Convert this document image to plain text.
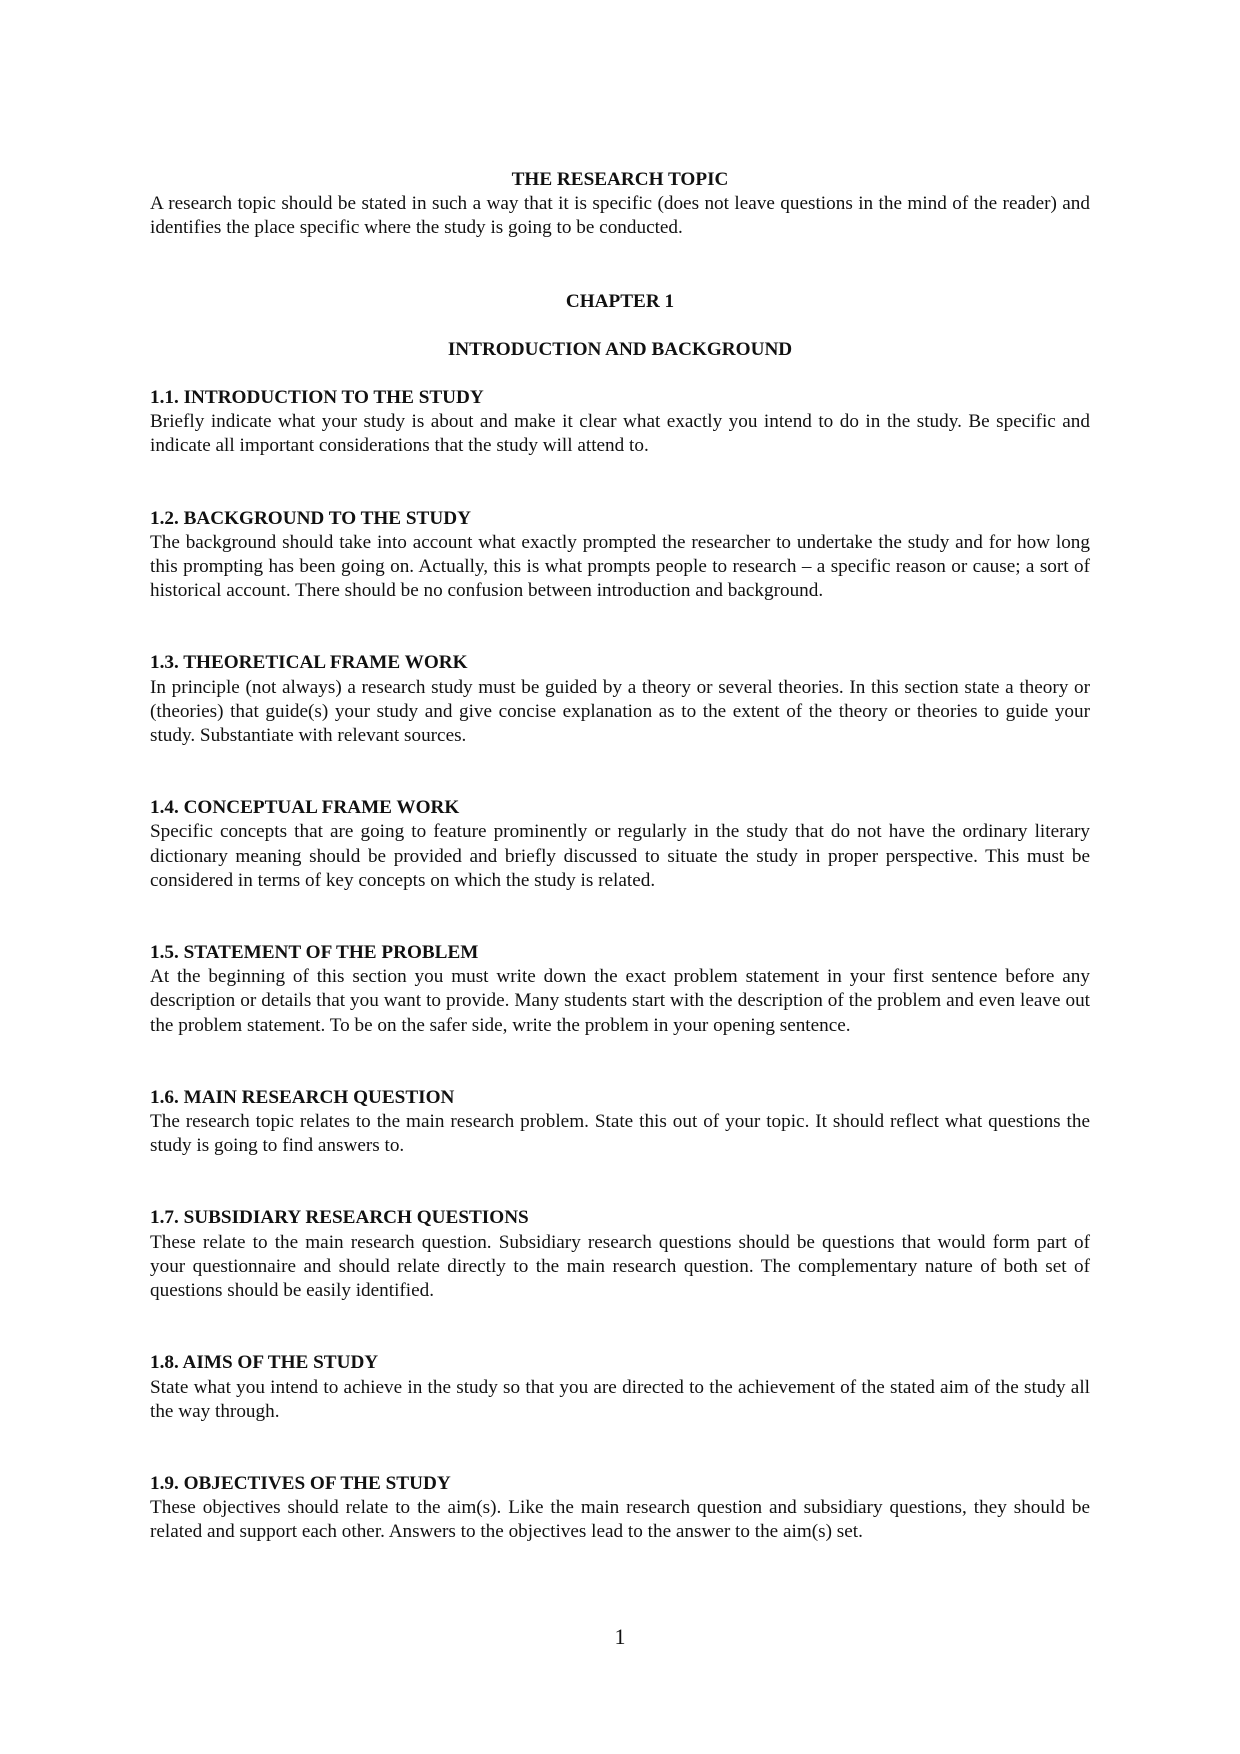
THE RESEARCH TOPIC

A research topic should be stated in such a way that it is specific (does not leave questions in the mind of the reader) and identifies the place specific where the study is going to be conducted.

CHAPTER 1

INTRODUCTION AND BACKGROUND

1.1. INTRODUCTION TO THE STUDY

Briefly indicate what your study is about and make it clear what exactly you intend to do in the study. Be specific and indicate all important considerations that the study will attend to.

1.2. BACKGROUND TO THE STUDY

The background should take into account what exactly prompted the researcher to undertake the study and for how long this prompting has been going on. Actually, this is what prompts people to research – a specific reason or cause; a sort of historical account. There should be no confusion between introduction and background.

1.3. THEORETICAL FRAME WORK

In principle (not always) a research study must be guided by a theory or several theories. In this section state a theory or (theories) that guide(s) your study and give concise explanation as to the extent of the theory or theories to guide your study. Substantiate with relevant sources.

1.4. CONCEPTUAL FRAME WORK

Specific concepts that are going to feature prominently or regularly in the study that do not have the ordinary literary dictionary meaning should be provided and briefly discussed to situate the study in proper perspective. This must be considered in terms of key concepts on which the study is related.

1.5. STATEMENT OF THE PROBLEM

At the beginning of this section you must write down the exact problem statement in your first sentence before any description or details that you want to provide. Many students start with the description of the problem and even leave out the problem statement. To be on the safer side, write the problem in your opening sentence.

1.6. MAIN RESEARCH QUESTION

The research topic relates to the main research problem. State this out of your topic. It should reflect what questions the study is going to find answers to.

1.7. SUBSIDIARY RESEARCH QUESTIONS

These relate to the main research question. Subsidiary research questions should be questions that would form part of your questionnaire and should relate directly to the main research question. The complementary nature of both set of questions should be easily identified.

1.8. AIMS OF THE STUDY

State what you intend to achieve in the study so that you are directed to the achievement of the stated aim of the study all the way through.

1.9. OBJECTIVES OF THE STUDY

These objectives should relate to the aim(s). Like the main research question and subsidiary questions, they should be related and support each other. Answers to the objectives lead to the answer to the aim(s) set.

1
